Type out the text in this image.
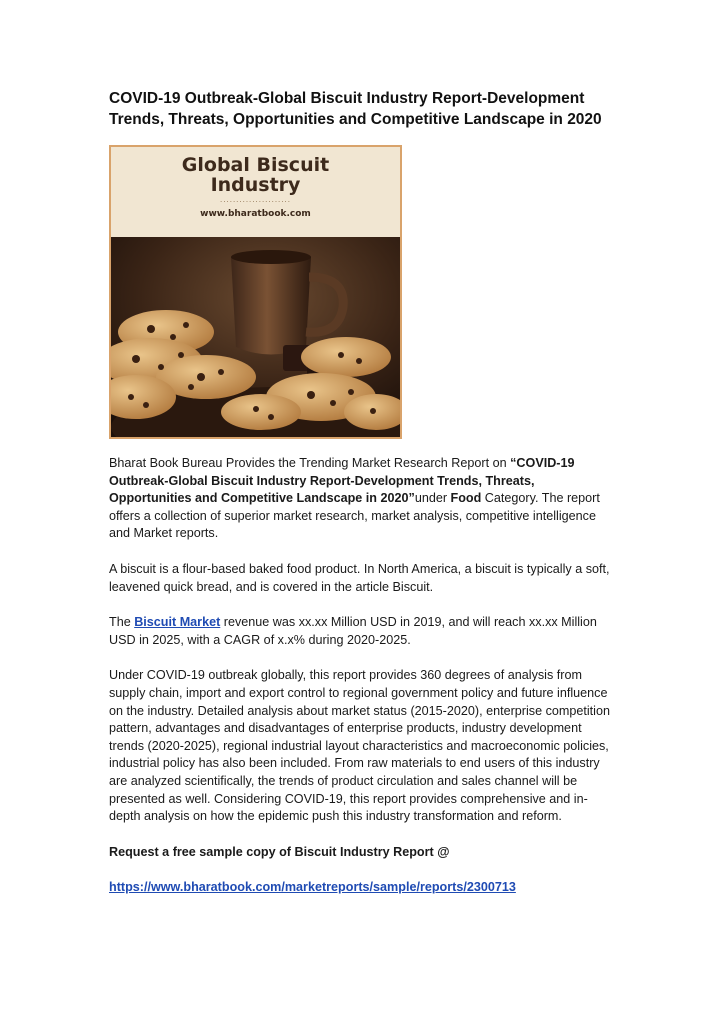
COVID-19 Outbreak-Global Biscuit Industry Report-Development Trends, Threats, Opportunities and Competitive Landscape in 2020
Global Biscuit
Industry
......................
www.bharatbook.com

Bharat Book Bureau Provides the Trending Market Research Report on “COVID-19 Outbreak-Global Biscuit Industry Report-Development Trends, Threats, Opportunities and Competitive Landscape in 2020”under Food Category. The report offers a collection of superior market research, market analysis, competitive intelligence and Market reports.

A biscuit is a flour-based baked food product. In North America, a biscuit is typically a soft, leavened quick bread, and is covered in the article Biscuit.

The Biscuit Market revenue was xx.xx Million USD in 2019, and will reach xx.xx Million USD in 2025, with a CAGR of x.x% during 2020-2025.

Under COVID-19 outbreak globally, this report provides 360 degrees of analysis from supply chain, import and export control to regional government policy and future influence on the industry. Detailed analysis about market status (2015-2020), enterprise competition pattern, advantages and disadvantages of enterprise products, industry development trends (2020-2025), regional industrial layout characteristics and macroeconomic policies, industrial policy has also been included. From raw materials to end users of this industry are analyzed scientifically, the trends of product circulation and sales channel will be presented as well. Considering COVID-19, this report provides comprehensive and in-depth analysis on how the epidemic push this industry transformation and reform.

Request a free sample copy of Biscuit Industry Report @

https://www.bharatbook.com/marketreports/sample/reports/2300713
